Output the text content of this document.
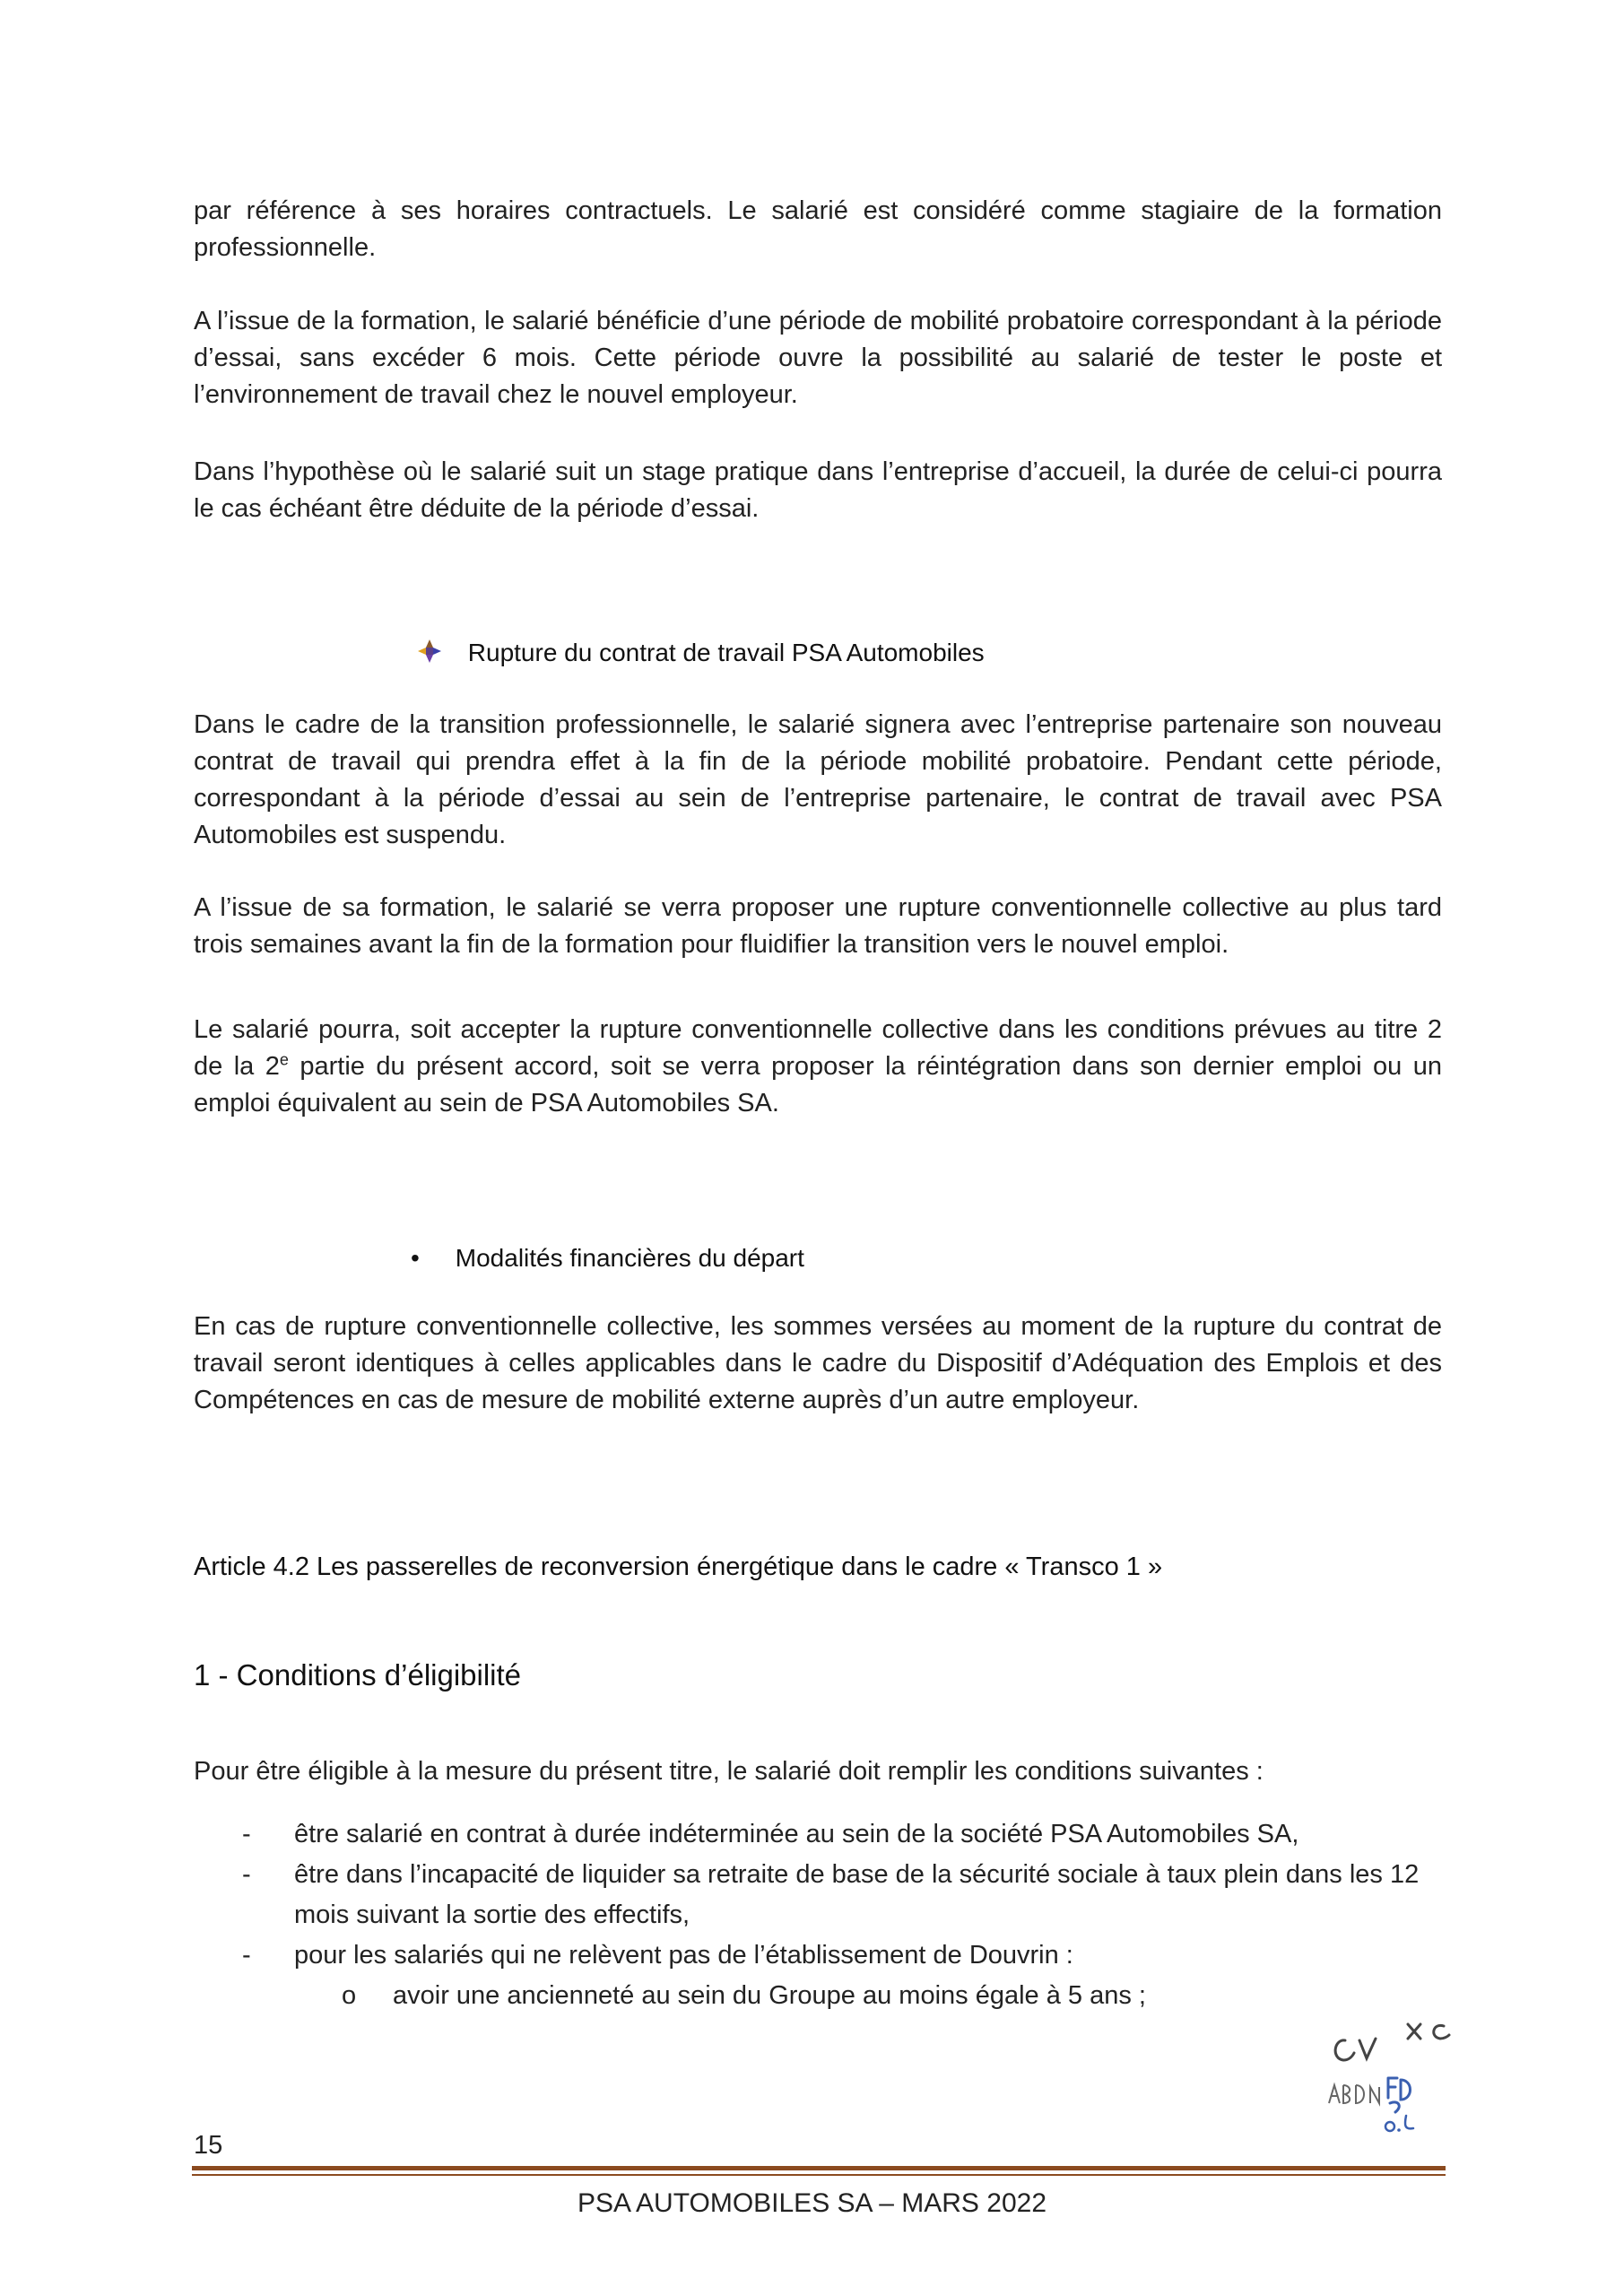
par référence à ses horaires contractuels. Le salarié est considéré comme stagiaire de la formation professionnelle.
A l’issue de la formation, le salarié bénéficie d’une période de mobilité probatoire correspondant à la période d’essai, sans excéder 6 mois. Cette période ouvre la possibilité au salarié de tester le poste et l’environnement de travail chez le nouvel employeur.
Dans l’hypothèse où le salarié suit un stage pratique dans l’entreprise d’accueil, la durée de celui-ci pourra le cas échéant être déduite de la période d’essai.
Rupture du contrat de travail PSA Automobiles
Dans le cadre de la transition professionnelle, le salarié signera avec l’entreprise partenaire son nouveau contrat de travail qui prendra effet à la fin de la période mobilité probatoire. Pendant cette période, correspondant à la période d’essai au sein de l’entreprise partenaire, le contrat de travail avec PSA Automobiles est suspendu.
A l’issue de sa formation, le salarié se verra proposer une rupture conventionnelle collective au plus tard trois semaines avant la fin de la formation pour fluidifier la transition vers le nouvel emploi.
Le salarié pourra, soit accepter la rupture conventionnelle collective dans les conditions prévues au titre 2 de la 2e partie du présent accord, soit se verra proposer la réintégration dans son dernier emploi ou un emploi équivalent au sein de PSA Automobiles SA.
• Modalités financières du départ
En cas de rupture conventionnelle collective, les sommes versées au moment de la rupture du contrat de travail seront identiques à celles applicables dans le cadre du Dispositif d’Adéquation des Emplois et des Compétences en cas de mesure de mobilité externe auprès d’un autre employeur.
Article 4.2 Les passerelles de reconversion énergétique dans le cadre « Transco 1 »
1 - Conditions d’éligibilité
Pour être éligible à la mesure du présent titre, le salarié doit remplir les conditions suivantes :
- être salarié en contrat à durée indéterminée au sein de la société PSA Automobiles SA,
- être dans l’incapacité de liquider sa retraite de base de la sécurité sociale à taux plein dans les 12 mois suivant la sortie des effectifs,
- pour les salariés qui ne relèvent pas de l’établissement de Douvrin :
o avoir une ancienneté au sein du Groupe au moins égale à 5 ans ;
15
PSA AUTOMOBILES SA – MARS 2022
